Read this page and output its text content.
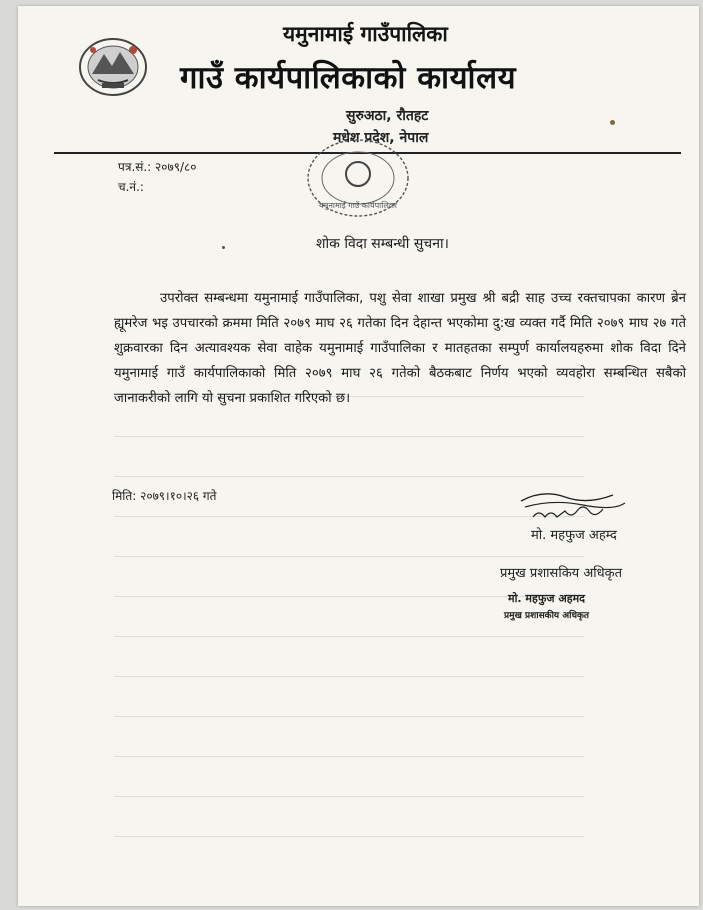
यमुनामाई गाउँपालिका
गाउँ कार्यपालिकाको कार्यालय
सुरुअठा, रौतहट
मधेश प्रदेश, नेपाल
पत्र.सं.: २०७९/८०
च.नं.:
यमुनामाई गाउँ कार्यपालिका
शोक विदा सम्बन्धी सुचना।
उपरोक्त सम्बन्धमा यमुनामाई गाउँपालिका, पशु सेवा शाखा प्रमुख श्री बद्री साह उच्च रक्तचापका कारण ब्रेन ह्यूमरेज भइ उपचारको क्रममा मिति २०७९ माघ २६ गतेका दिन देहान्त भएकोमा दु:ख व्यक्त गर्दै मिति २०७९ माघ २७ गते शुक्रवारका दिन अत्यावश्यक सेवा वाहेक यमुनामाई गाउँपालिका र मातहतका सम्पुर्ण कार्यालयहरुमा शोक विदा दिने यमुनामाई गाउँ कार्यपालिकाको मिति २०७९ माघ २६ गतेको बैठकबाट निर्णय भएको व्यवहोरा सम्बन्धित सबैको जानाकरीको लागि यो सुचना प्रकाशित गरिएको छ।
मिति: २०७९।१०।२६ गते
मो. महफुज अहम्द
प्रमुख प्रशासकिय अधिकृत
मो. महफुज अहमद
प्रमुख प्रशासकीय अधिकृत
